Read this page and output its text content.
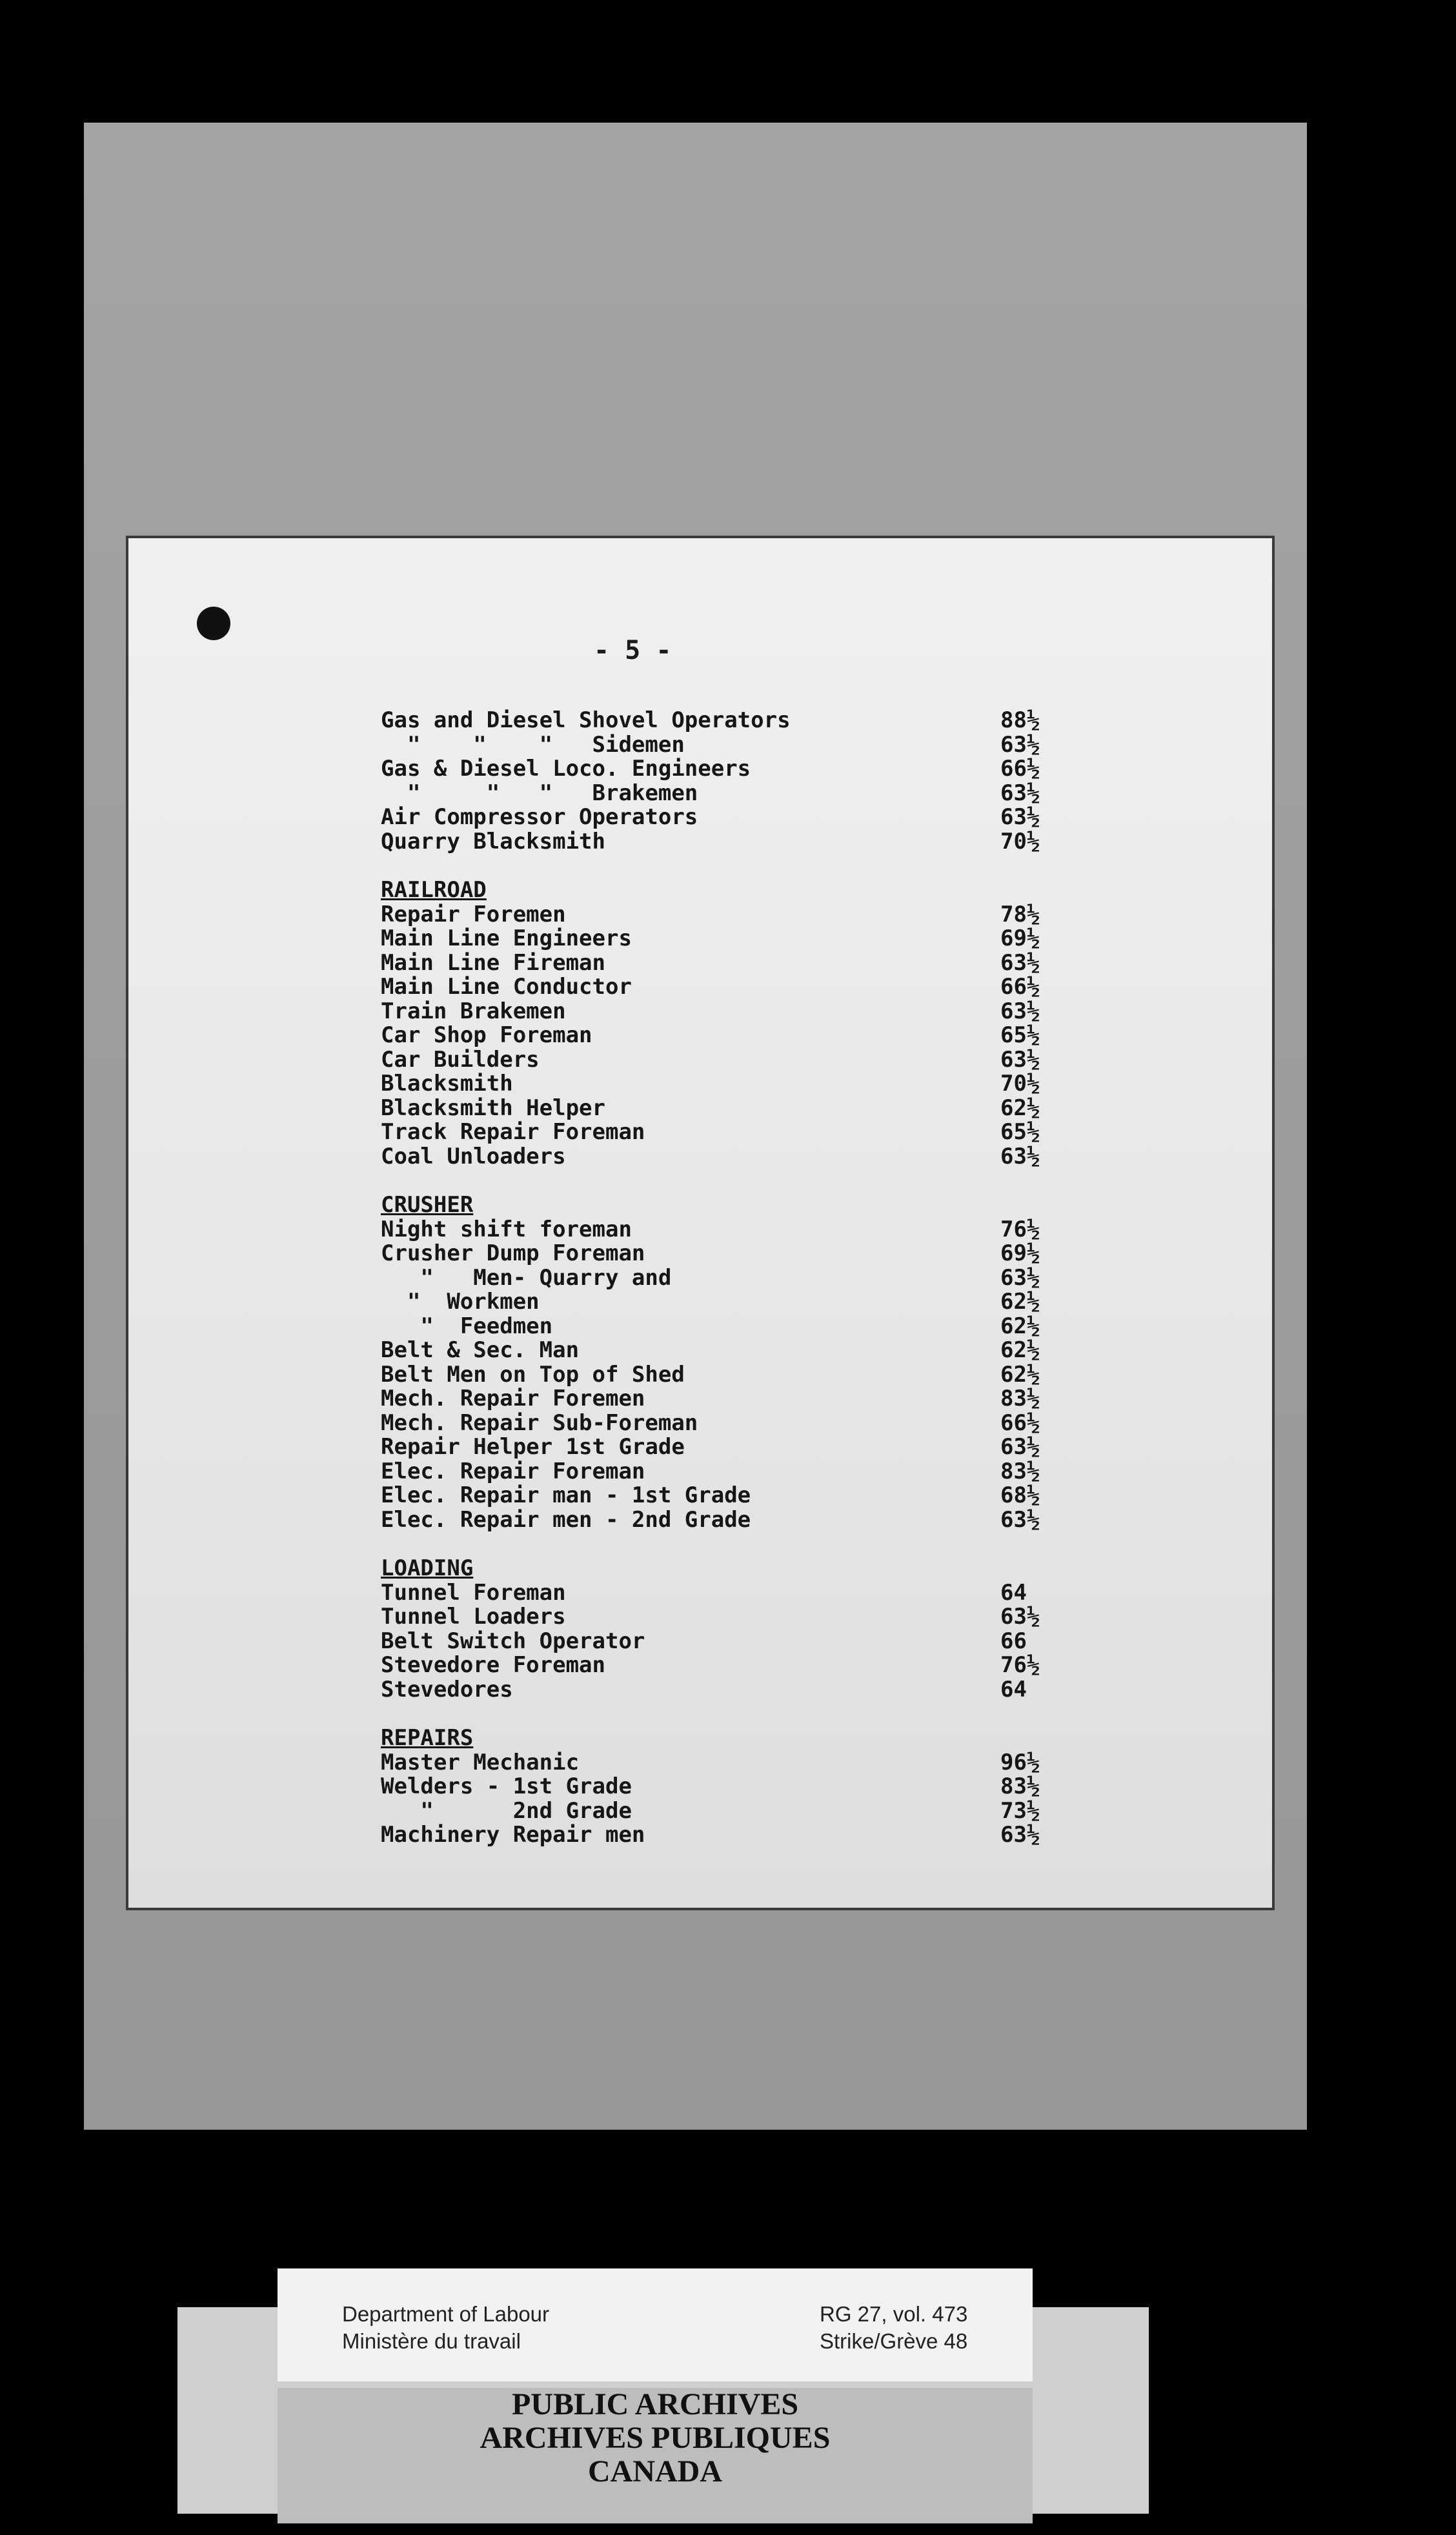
- 5 -
Gas and Diesel Shovel Operators	88½
"    "    "   Sidemen	63½
Gas & Diesel Loco. Engineers	66½
"     "   "   Brakemen	63½
Air Compressor Operators	63½
Quarry Blacksmith	70½
RAILROAD
Repair Foremen	78½
Main Line Engineers	69½
Main Line Fireman	63½
Main Line Conductor	66½
Train Brakemen	63½
Car Shop Foreman	65½
Car Builders	63½
Blacksmith	70½
Blacksmith Helper	62½
Track Repair Foreman	65½
Coal Unloaders	63½
CRUSHER
Night shift foreman	76½
Crusher Dump Foreman	69½
"   Men- Quarry and	63½
"  Workmen	62½
"  Feedmen	62½
Belt & Sec. Man	62½
Belt Men on Top of Shed	62½
Mech. Repair Foremen	83½
Mech. Repair Sub-Foreman	66½
Repair Helper 1st Grade	63½
Elec. Repair Foreman	83½
Elec. Repair man - 1st Grade	68½
Elec. Repair men - 2nd Grade	63½
LOADING
Tunnel Foreman	64
Tunnel Loaders	63½
Belt Switch Operator	66
Stevedore Foreman	76½
Stevedores	64
REPAIRS
Master Mechanic	96½
Welders - 1st Grade	83½
"      2nd Grade	73½
Machinery Repair men	63½
Department of Labour
Ministère du travail
RG 27, vol. 473
Strike/Grève 48
PUBLIC ARCHIVES
ARCHIVES PUBLIQUES
CANADA
